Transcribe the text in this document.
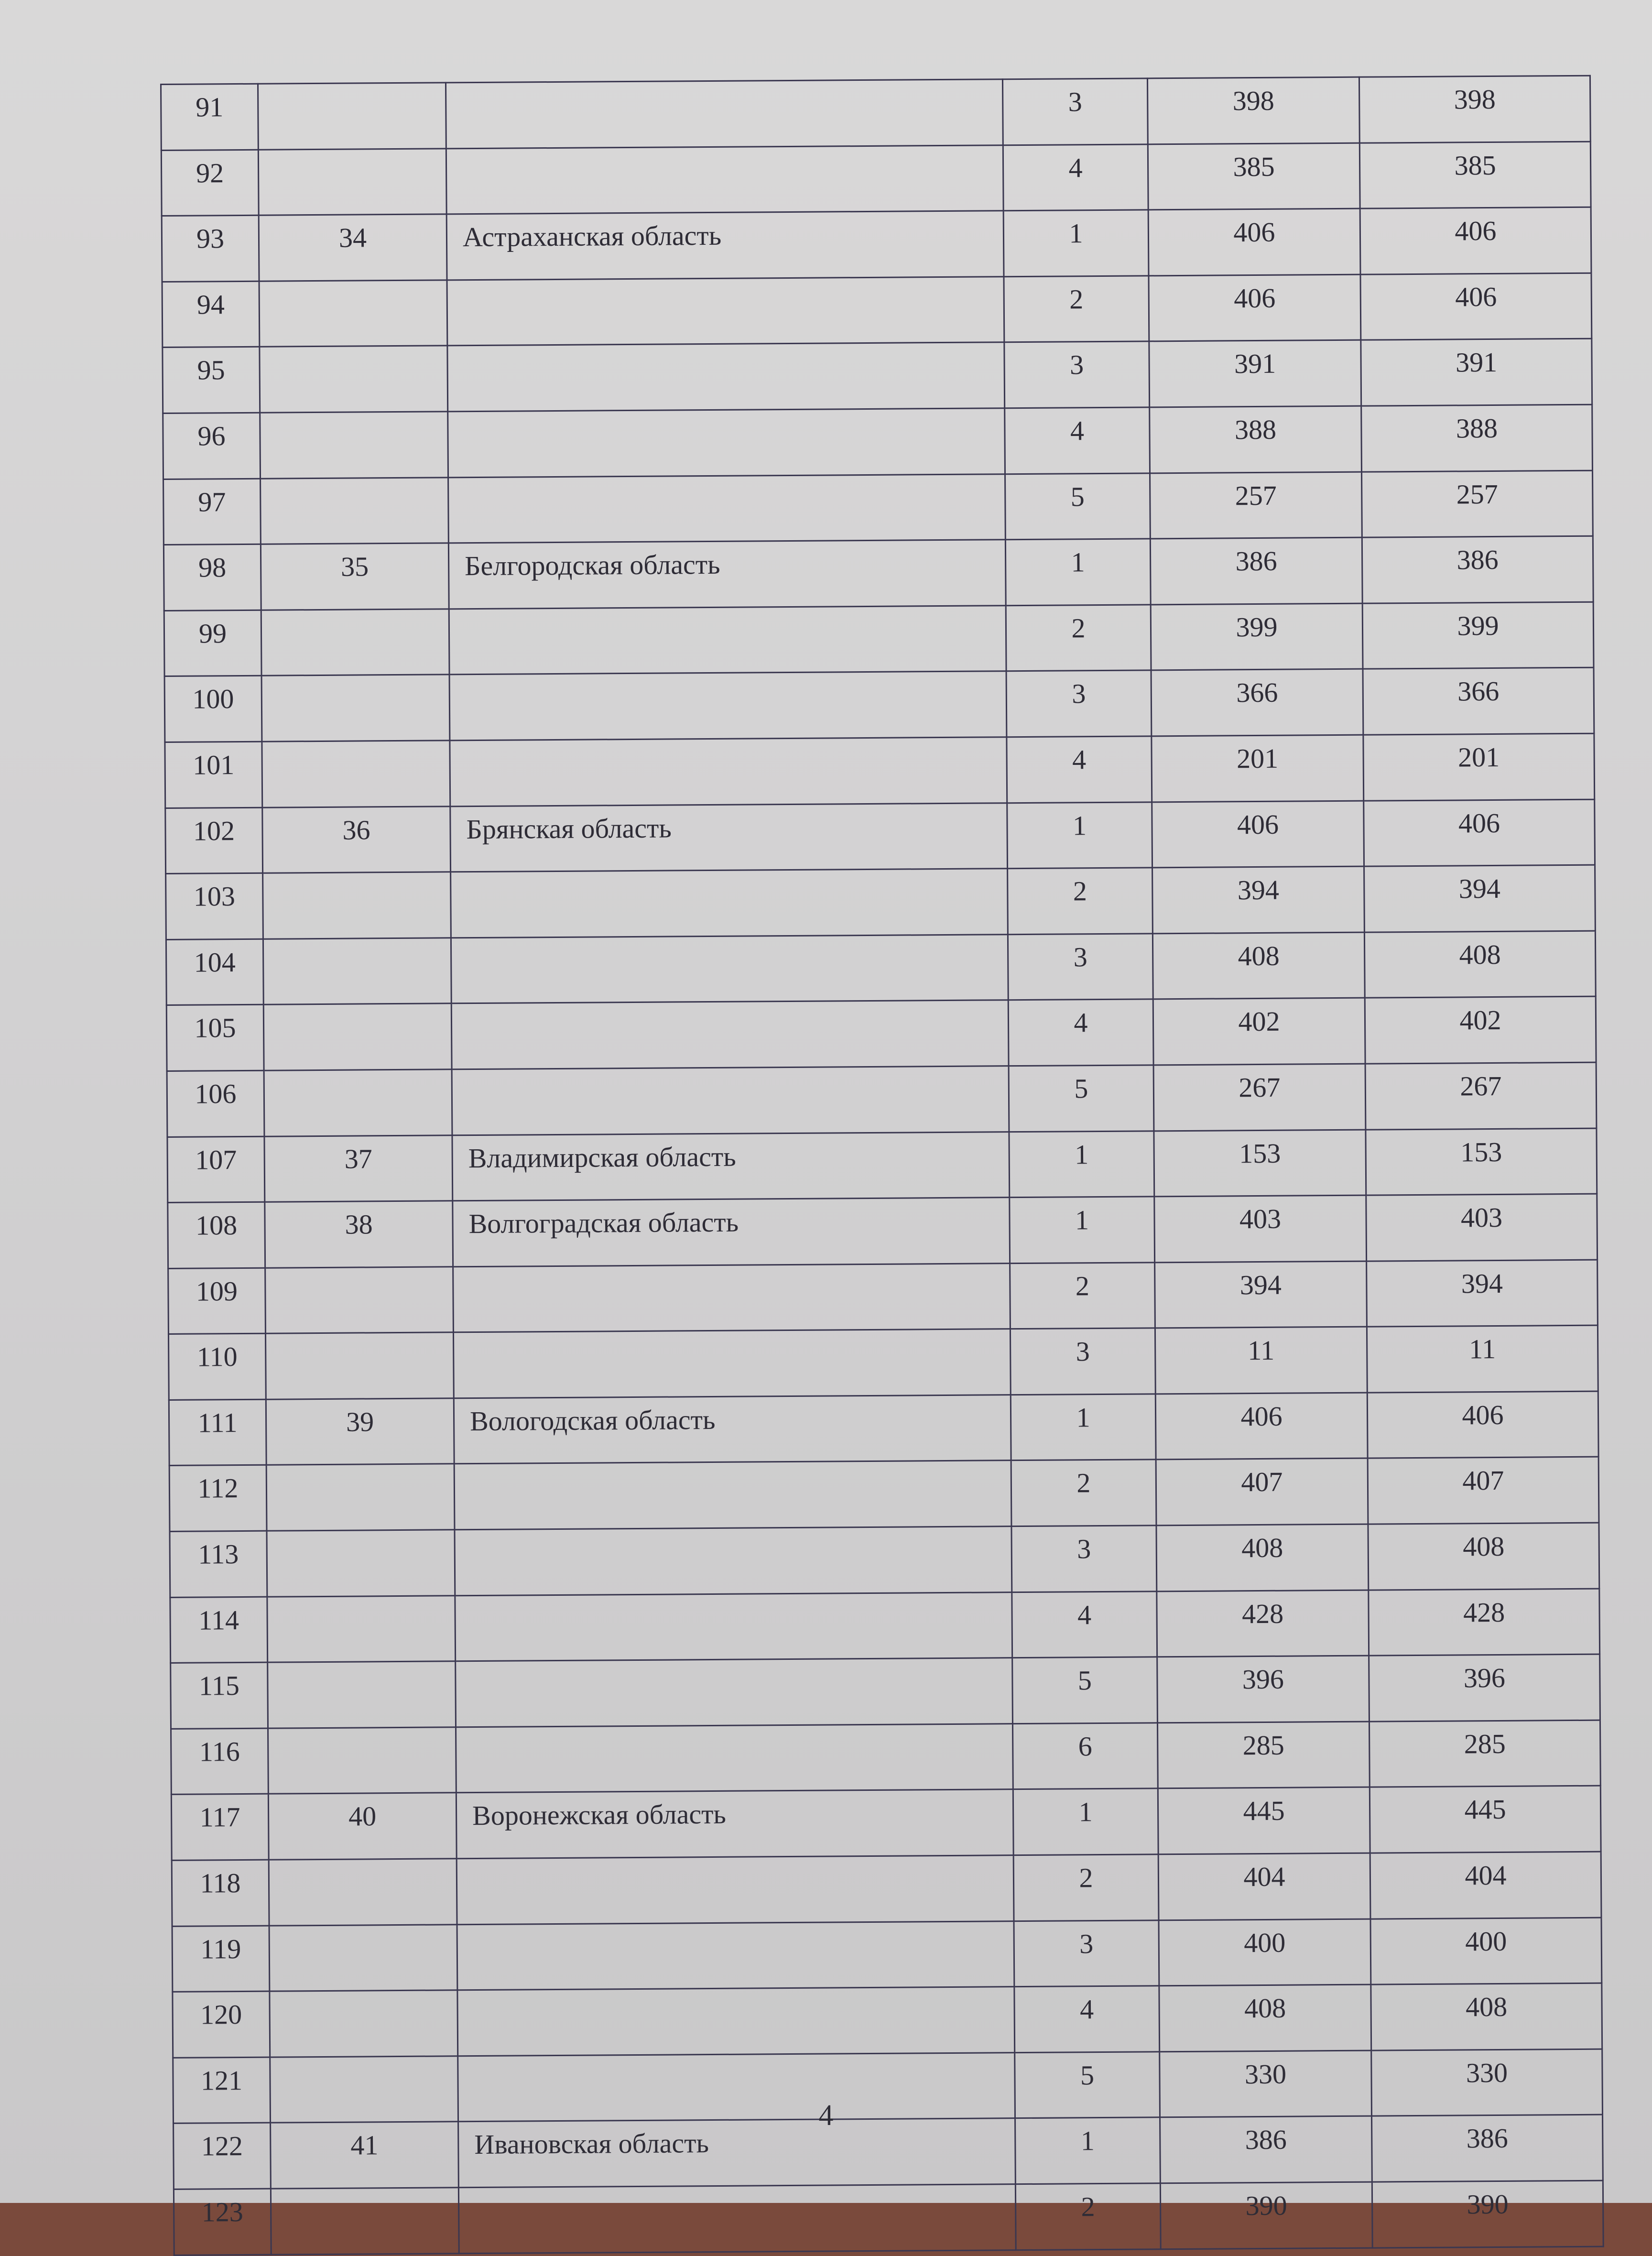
91			3	398	398
92			4	385	385
93	34	Астраханская область	1	406	406
94			2	406	406
95			3	391	391
96			4	388	388
97			5	257	257
98	35	Белгородская область	1	386	386
99			2	399	399
100			3	366	366
101			4	201	201
102	36	Брянская область	1	406	406
103			2	394	394
104			3	408	408
105			4	402	402
106			5	267	267
107	37	Владимирская область	1	153	153
108	38	Волгоградская область	1	403	403
109			2	394	394
110			3	11	11
111	39	Вологодская область	1	406	406
112			2	407	407
113			3	408	408
114			4	428	428
115			5	396	396
116			6	285	285
117	40	Воронежская область	1	445	445
118			2	404	404
119			3	400	400
120			4	408	408
121			5	330	330
122	41	Ивановская область	1	386	386
123			2	390	390
4
